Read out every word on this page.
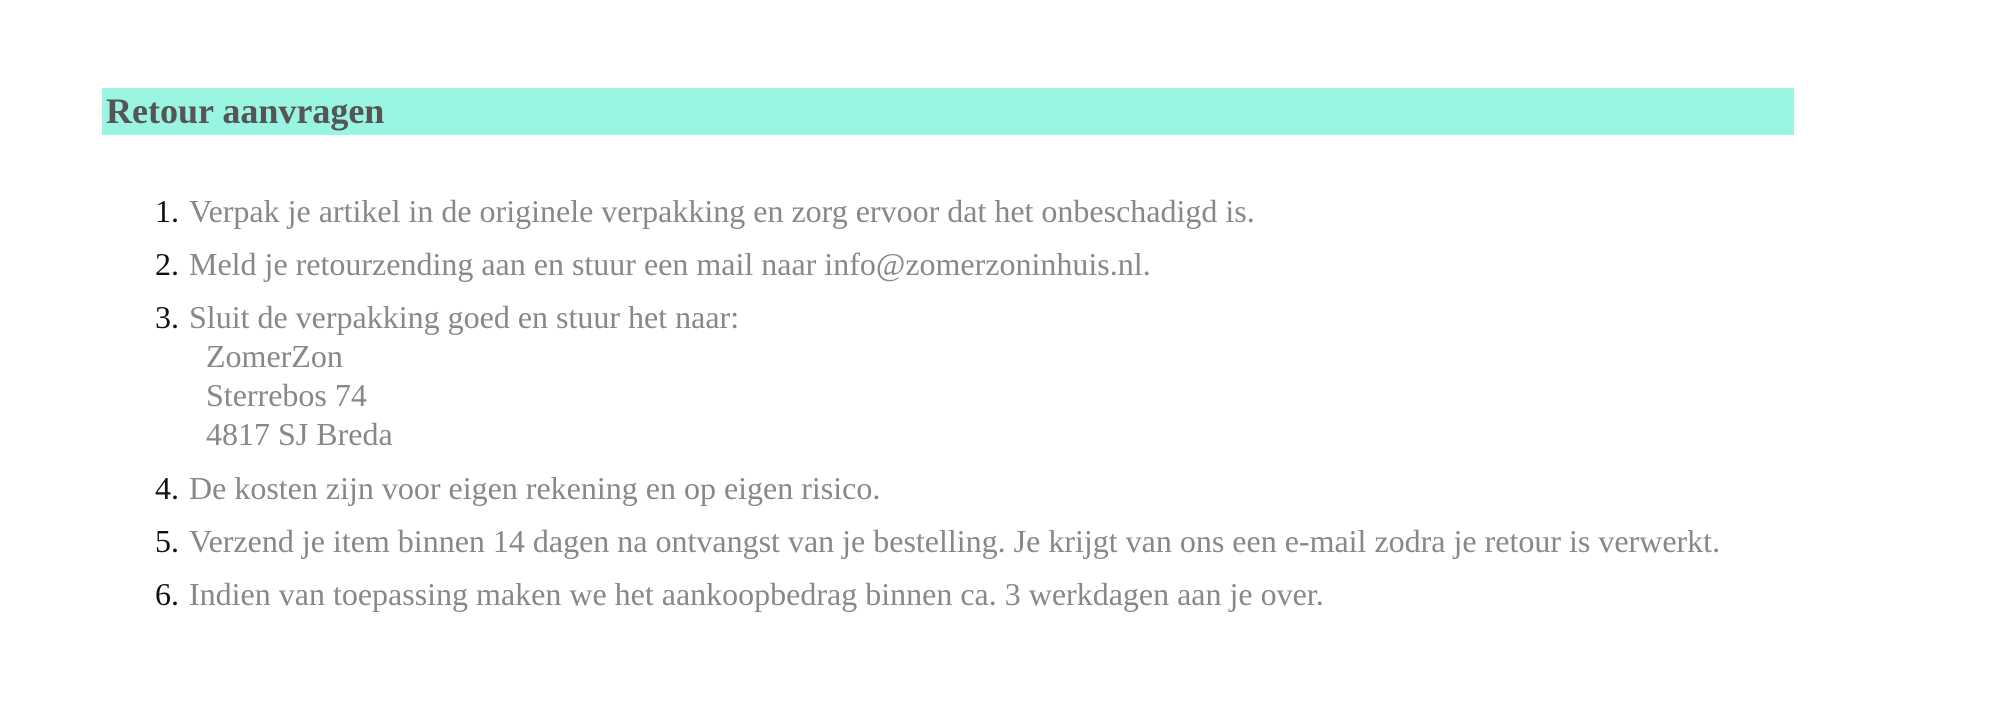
Retour aanvragen
1. Verpak je artikel in de originele verpakking en zorg ervoor dat het onbeschadigd is.
2. Meld je retourzending aan en stuur een mail naar info@zomerzoninhuis.nl.
3. Sluit de verpakking goed en stuur het naar:
4. De kosten zijn voor eigen rekening en op eigen risico.
5. Verzend je item binnen 14 dagen na ontvangst van je bestelling. Je krijgt van ons een e-mail zodra je retour is verwerkt.
6. Indien van toepassing maken we het aankoopbedrag binnen ca. 3 werkdagen aan je over.
ZomerZon
Sterrebos 74
4817 SJ Breda
